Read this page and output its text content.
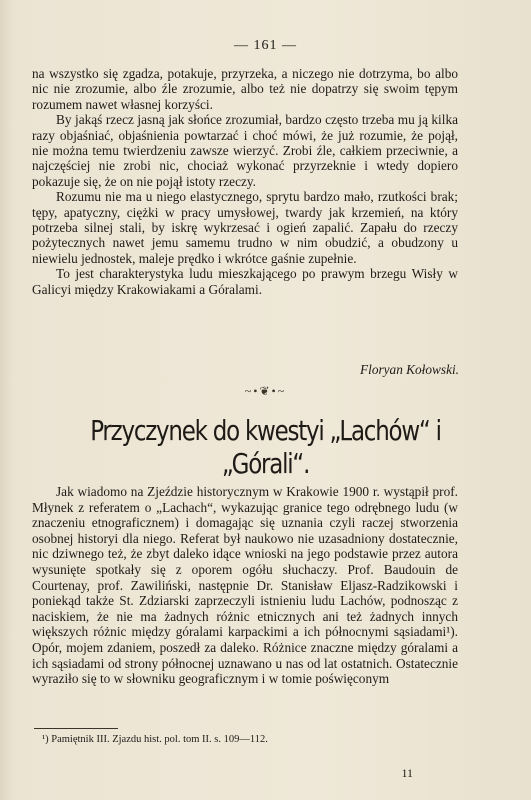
— 161 —

na wszystko się zgadza, potakuje, przyrzeka, a niczego nie dotrzyma, bo albo nic nie zrozumie, albo źle zrozumie, albo też nie dopatrzy się swoim tępym rozumem nawet własnej korzyści.

By jakąś rzecz jasną jak słońce zrozumiał, bardzo często trzeba mu ją kilka razy objaśniać, objaśnienia powtarzać i choć mówi, że już rozumie, że pojął, nie można temu twierdzeniu zawsze wierzyć. Zrobi źle, całkiem przeciwnie, a najczęściej nie zrobi nic, chociaż wykonać przyrzeknie i wtedy dopiero pokazuje się, że on nie pojął istoty rzeczy.

Rozumu nie ma u niego elastycznego, sprytu bardzo mało, rzutkości brak; tępy, apatyczny, ciężki w pracy umysłowej, twardy jak krzemień, na który potrzeba silnej stali, by iskrę wykrzesać i ogień zapalić. Zapału do rzeczy pożytecznych nawet jemu samemu trudno w nim obudzić, a obudzony u niewielu jednostek, maleje prędko i wkrótce gaśnie zupełnie.

To jest charakterystyka ludu mieszkającego po prawym brzegu Wisły w Galicyi między Krakowiakami a Góralami.

Floryan Kołowski.
~•❦•~
Przyczynek do kwestyi „Lachów“ i „Górali“.

Jak wiadomo na Zjeździe historycznym w Krakowie 1900 r. wystąpił prof. Młynek z referatem o „Lachach“, wykazując granice tego odrębnego ludu (w znaczeniu etnograficznem) i domagając się uznania czyli raczej stworzenia osobnej historyi dla niego. Referat był naukowo nie uzasadniony dostatecznie, nic dziwnego też, że zbyt daleko idące wnioski na jego podstawie przez autora wysunięte spotkały się z oporem ogółu słuchaczy. Prof. Baudouin de Courtenay, prof. Zawiliński, następnie Dr. Stanisław Eljasz-Radzikowski i poniekąd także St. Zdziarski zaprzeczyli istnieniu ludu Lachów, podnosząc z naciskiem, że nie ma żadnych różnic etnicznych ani też żadnych innych większych różnic między góralami karpackimi a ich północnymi sąsiadami¹). Opór, mojem zdaniem, poszedł za daleko. Różnice znaczne między góralami a ich sąsiadami od strony północnej uznawano u nas od lat ostatnich. Ostatecznie wyraziło się to w słowniku geograficznym i w tomie poświęconym

¹) Pamiętnik III. Zjazdu hist. pol. tom II. s. 109—112.
11
